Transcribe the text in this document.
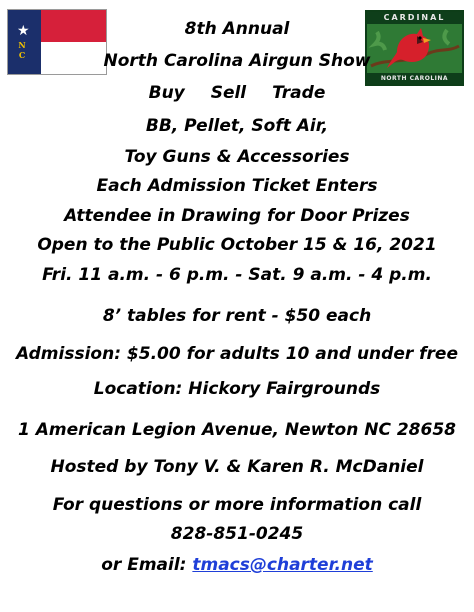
★
N C
CARDINAL
NORTH CAROLINA
8th Annual
North Carolina Airgun Show
Buy Sell Trade
BB, Pellet, Soft Air,
Toy Guns & Accessories
Each Admission Ticket Enters
Attendee in Drawing for Door Prizes
Open to the Public October 15 & 16, 2021
Fri. 11 a.m. - 6 p.m. - Sat. 9 a.m. - 4 p.m.
8’ tables for rent - $50 each
Admission: $5.00 for adults 10 and under free
Location: Hickory Fairgrounds
1 American Legion Avenue, Newton NC 28658
Hosted by Tony V. & Karen R. McDaniel
For questions or more information call
828-851-0245
or Email: tmacs@charter.net
